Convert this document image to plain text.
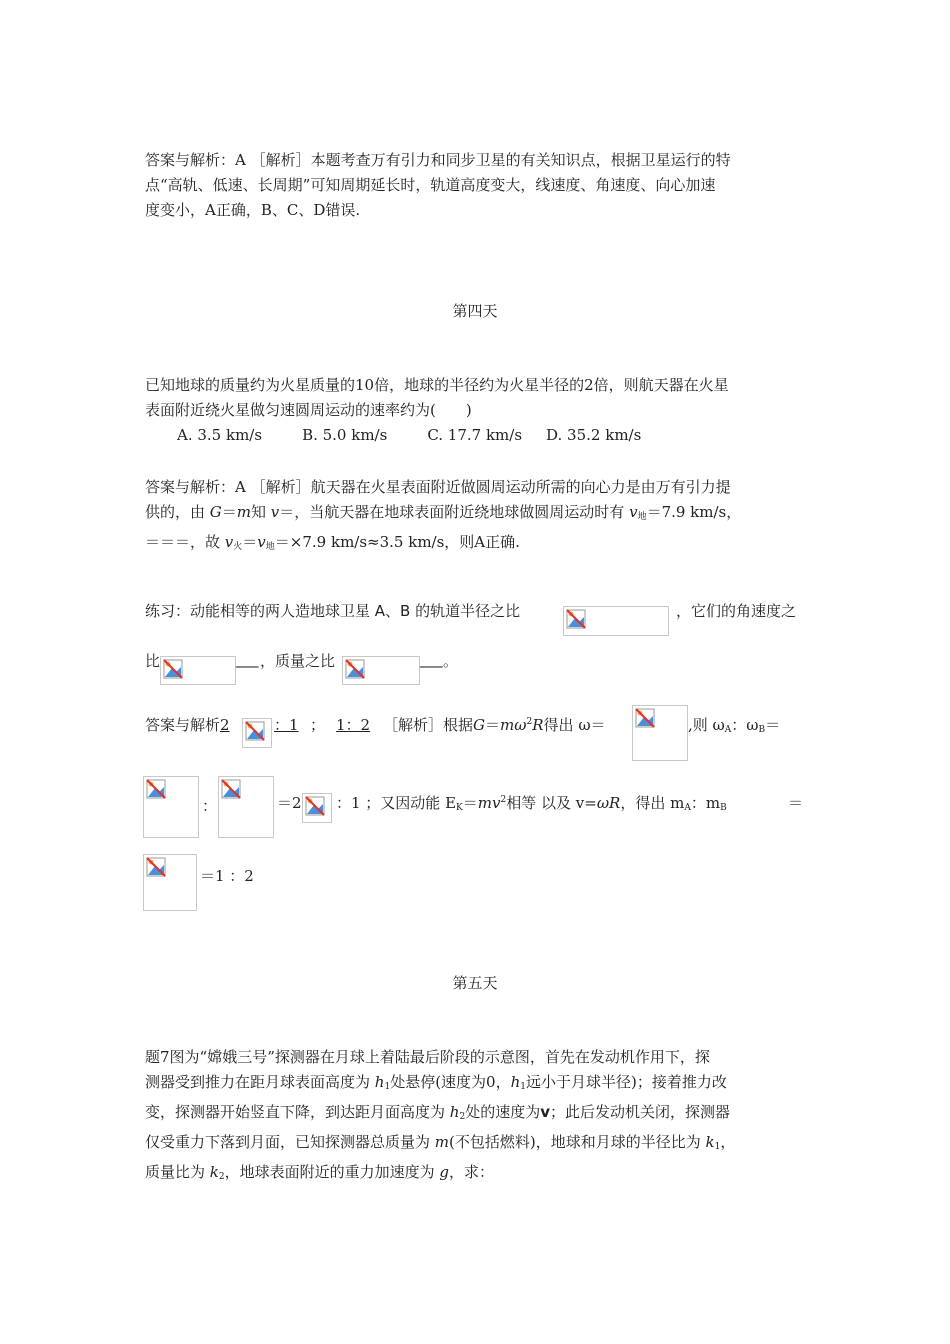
答案与解析：A ［解析］本题考查万有引力和同步卫星的有关知识点，根据卫星运行的特
点“高轨、低速、长周期”可知周期延长时，轨道高度变大，线速度、角速度、向心加速
度变小，A正确，B、C、D错误.
第四天
已知地球的质量约为火星质量的10倍，地球的半径约为火星半径的2倍，则航天器在火星
表面附近绕火星做匀速圆周运动的速率约为(　　)
A. 3.5 km/s	B. 5.0 km/s	C. 17.7 km/s D. 35.2 km/s
答案与解析：A ［解析］航天器在火星表面附近做圆周运动所需的向心力是由万有引力提
供的，由 G＝m知 v＝，当航天器在地球表面附近绕地球做圆周运动时有 $v_地=7.9$ km/s，
＝＝＝，故 $v_火=v_地=\times 7.9$ km/s≈3.5 km/s，则A正确.
练习：动能相等的两人造地球卫星 A、B 的轨道半径之比	，它们的角速度之
比	___ ，质量之比	___ 。
答案与解析2	：1 ； 1：2 ［解析］根据$G=m\omega^2R$得出 ω＝	,则 $\omega_A$：$\omega_B=$
：	＝2 ：1 ；又因动能 $E_K=mv^2$相等 以及 v=ωR，得出 $m_A$：$m_B$	＝
＝1 ：2
第五天
题7图为“嫦娥三号”探测器在月球上着陆最后阶段的示意图，首先在发动机作用下，探
测器受到推力在距月球表面高度为 $h_1$处悬停(速度为0，$h_1$远小于月球半径)；接着推力改
变，探测器开始竖直下降，到达距月面高度为 $h_2$处的速度为v；此后发动机关闭，探测器
仅受重力下落到月面，已知探测器总质量为 m(不包括燃料)，地球和月球的半径比为 $k_1$，
质量比为 $k_2$，地球表面附近的重力加速度为 g，求：
